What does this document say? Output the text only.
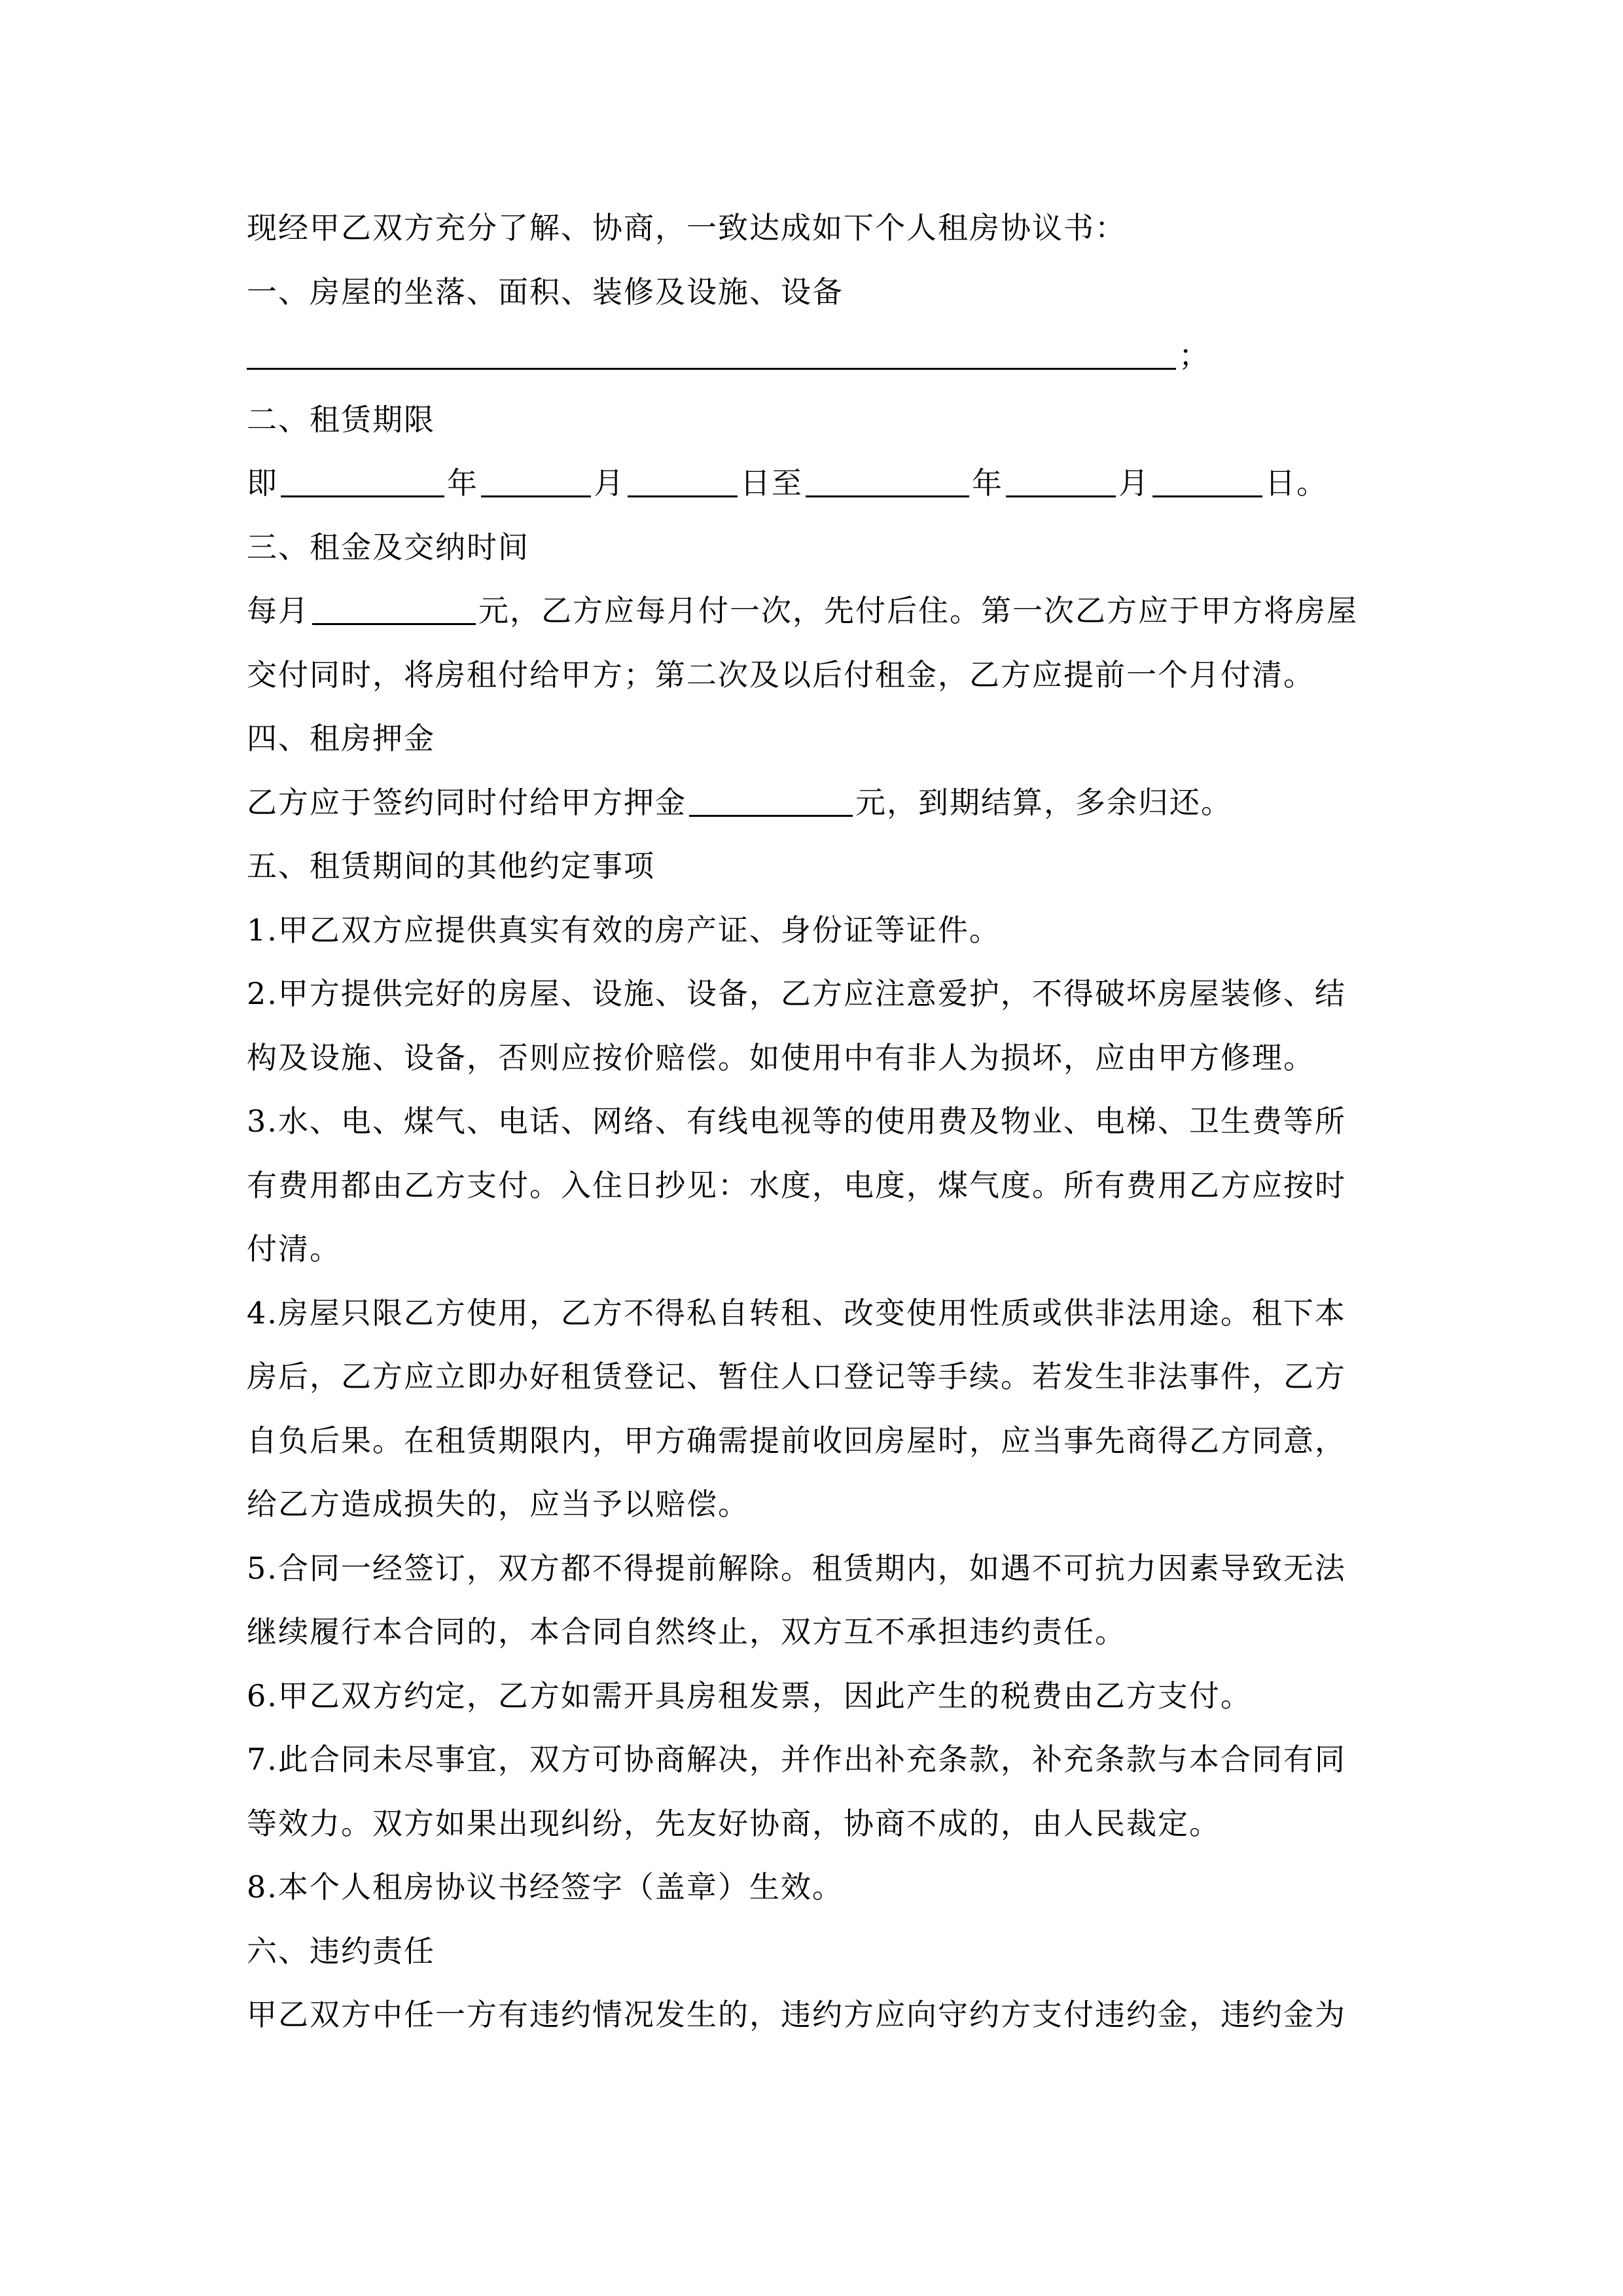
现经甲乙双方充分了解、协商，一致达成如下个人租房协议书：
一、房屋的坐落、面积、装修及设施、设备
；
二、租赁期限
即	年	月	日至	年	月	日。
三、租金及交纳时间
每月	元，乙方应每月付一次，先付后住。第一次乙方应于甲方将房屋
交付同时，将房租付给甲方；第二次及以后付租金，乙方应提前一个月付清。
四、租房押金
乙方应于签约同时付给甲方押金	元，到期结算，多余归还。
五、租赁期间的其他约定事项
1.甲乙双方应提供真实有效的房产证、身份证等证件。
2.甲方提供完好的房屋、设施、设备，乙方应注意爱护，不得破坏房屋装修、结
构及设施、设备，否则应按价赔偿。如使用中有非人为损坏，应由甲方修理。
3.水、电、煤气、电话、网络、有线电视等的使用费及物业、电梯、卫生费等所
有费用都由乙方支付。入住日抄见：水度，电度，煤气度。所有费用乙方应按时
付清。
4.房屋只限乙方使用，乙方不得私自转租、改变使用性质或供非法用途。租下本
房后，乙方应立即办好租赁登记、暂住人口登记等手续。若发生非法事件，乙方
自负后果。在租赁期限内，甲方确需提前收回房屋时，应当事先商得乙方同意，
给乙方造成损失的，应当予以赔偿。
5.合同一经签订，双方都不得提前解除。租赁期内，如遇不可抗力因素导致无法
继续履行本合同的，本合同自然终止，双方互不承担违约责任。
6.甲乙双方约定，乙方如需开具房租发票，因此产生的税费由乙方支付。
7.此合同未尽事宜，双方可协商解决，并作出补充条款，补充条款与本合同有同
等效力。双方如果出现纠纷，先友好协商，协商不成的，由人民裁定。
8.本个人租房协议书经签字（盖章）生效。
六、违约责任
甲乙双方中任一方有违约情况发生的，违约方应向守约方支付违约金，违约金为
